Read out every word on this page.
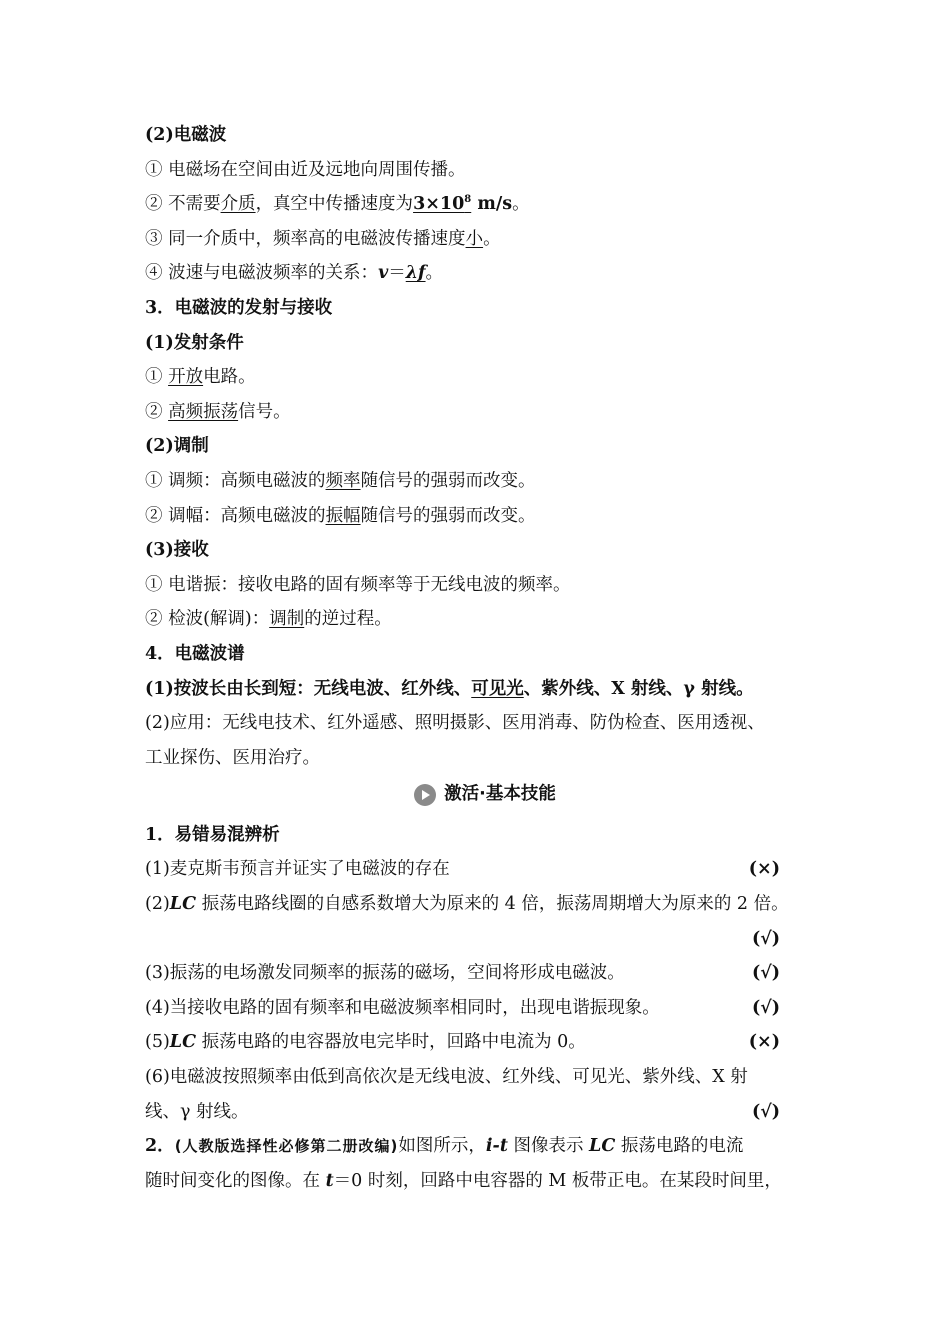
(2)电磁波
① 电磁场在空间由近及远地向周围传播。
② 不需要介质，真空中传播速度为$3\times 10^8$ m/s。
③ 同一介质中，频率高的电磁波传播速度小。
④ 波速与电磁波频率的关系：v＝λf。
3．电磁波的发射与接收
(1)发射条件
① 开放电路。
② 高频振荡信号。
(2)调制
① 调频：高频电磁波的频率随信号的强弱而改变。
② 调幅：高频电磁波的振幅随信号的强弱而改变。
(3)接收
① 电谐振：接收电路的固有频率等于无线电波的频率。
② 检波(解调)：调制的逆过程。
4．电磁波谱
(1)按波长由长到短：无线电波、红外线、可见光、紫外线、X 射线、γ 射线。
(2)应用：无线电技术、红外遥感、照明摄影、医用消毒、防伪检查、医用透视、
工业探伤、医用治疗。
激活·基本技能
1．易错易混辨析
(1)麦克斯韦预言并证实了电磁波的存在	(×)
(2)LC 振荡电路线圈的自感系数增大为原来的 4 倍，振荡周期增大为原来的 2 倍。
(√)
(3)振荡的电场激发同频率的振荡的磁场，空间将形成电磁波。	(√)
(4)当接收电路的固有频率和电磁波频率相同时，出现电谐振现象。	(√)
(5)LC 振荡电路的电容器放电完毕时，回路中电流为 0。	(×)
(6)电磁波按照频率由低到高依次是无线电波、红外线、可见光、紫外线、X 射
线、γ 射线。	(√)
2．(人教版选择性必修第二册改编)如图所示，i-t 图像表示 LC 振荡电路的电流
随时间变化的图像。在 t＝0 时刻，回路中电容器的 M 板带正电。在某段时间里，
